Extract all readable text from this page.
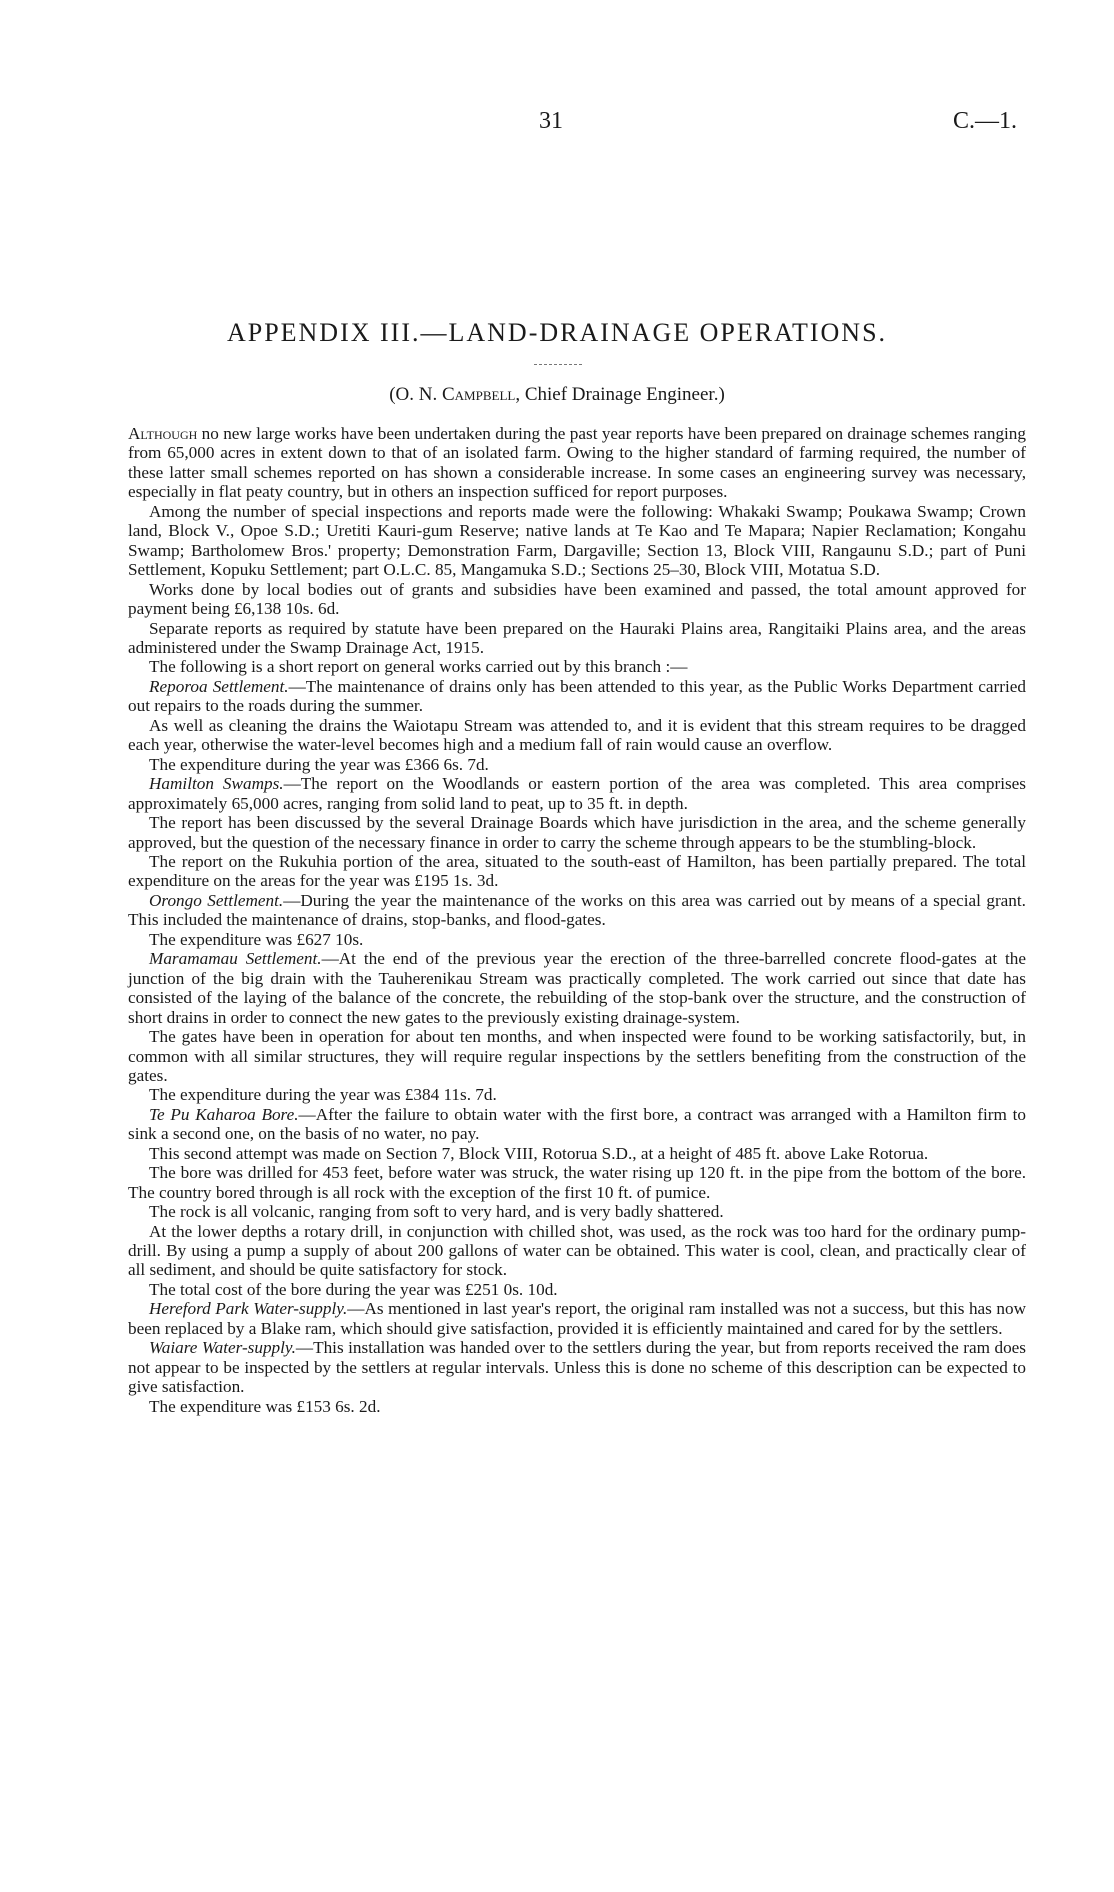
31	C.—1.
APPENDIX III.—LAND-DRAINAGE OPERATIONS.
(O. N. Campbell, Chief Drainage Engineer.)

Although no new large works have been undertaken during the past year reports have been prepared on drainage schemes ranging from 65,000 acres in extent down to that of an isolated farm. Owing to the higher standard of farming required, the number of these latter small schemes reported on has shown a considerable increase. In some cases an engineering survey was necessary, especially in flat peaty country, but in others an inspection sufficed for report purposes.

Among the number of special inspections and reports made were the following: Whakaki Swamp; Poukawa Swamp; Crown land, Block V., Opoe S.D.; Uretiti Kauri-gum Reserve; native lands at Te Kao and Te Mapara; Napier Reclamation; Kongahu Swamp; Bartholomew Bros.' property; Demonstration Farm, Dargaville; Section 13, Block VIII, Rangaunu S.D.; part of Puni Settlement, Kopuku Settlement; part O.L.C. 85, Mangamuka S.D.; Sections 25–30, Block VIII, Motatua S.D.

Works done by local bodies out of grants and subsidies have been examined and passed, the total amount approved for payment being £6,138 10s. 6d.

Separate reports as required by statute have been prepared on the Hauraki Plains area, Rangitaiki Plains area, and the areas administered under the Swamp Drainage Act, 1915.

The following is a short report on general works carried out by this branch :—

Reporoa Settlement.—The maintenance of drains only has been attended to this year, as the Public Works Department carried out repairs to the roads during the summer.

As well as cleaning the drains the Waiotapu Stream was attended to, and it is evident that this stream requires to be dragged each year, otherwise the water-level becomes high and a medium fall of rain would cause an overflow.

The expenditure during the year was £366 6s. 7d.

Hamilton Swamps.—The report on the Woodlands or eastern portion of the area was completed. This area comprises approximately 65,000 acres, ranging from solid land to peat, up to 35 ft. in depth.

The report has been discussed by the several Drainage Boards which have jurisdiction in the area, and the scheme generally approved, but the question of the necessary finance in order to carry the scheme through appears to be the stumbling-block.

The report on the Rukuhia portion of the area, situated to the south-east of Hamilton, has been partially prepared. The total expenditure on the areas for the year was £195 1s. 3d.

Orongo Settlement.—During the year the maintenance of the works on this area was carried out by means of a special grant. This included the maintenance of drains, stop-banks, and flood-gates.

The expenditure was £627 10s.

Maramamau Settlement.—At the end of the previous year the erection of the three-barrelled concrete flood-gates at the junction of the big drain with the Tauherenikau Stream was practically completed. The work carried out since that date has consisted of the laying of the balance of the concrete, the rebuilding of the stop-bank over the structure, and the construction of short drains in order to connect the new gates to the previously existing drainage-system.

The gates have been in operation for about ten months, and when inspected were found to be working satisfactorily, but, in common with all similar structures, they will require regular inspections by the settlers benefiting from the construction of the gates.

The expenditure during the year was £384 11s. 7d.

Te Pu Kaharoa Bore.—After the failure to obtain water with the first bore, a contract was arranged with a Hamilton firm to sink a second one, on the basis of no water, no pay.

This second attempt was made on Section 7, Block VIII, Rotorua S.D., at a height of 485 ft. above Lake Rotorua.

The bore was drilled for 453 feet, before water was struck, the water rising up 120 ft. in the pipe from the bottom of the bore. The country bored through is all rock with the exception of the first 10 ft. of pumice.

The rock is all volcanic, ranging from soft to very hard, and is very badly shattered.

At the lower depths a rotary drill, in conjunction with chilled shot, was used, as the rock was too hard for the ordinary pump-drill. By using a pump a supply of about 200 gallons of water can be obtained. This water is cool, clean, and practically clear of all sediment, and should be quite satisfactory for stock.

The total cost of the bore during the year was £251 0s. 10d.

Hereford Park Water-supply.—As mentioned in last year's report, the original ram installed was not a success, but this has now been replaced by a Blake ram, which should give satisfaction, provided it is efficiently maintained and cared for by the settlers.

Waiare Water-supply.—This installation was handed over to the settlers during the year, but from reports received the ram does not appear to be inspected by the settlers at regular intervals. Unless this is done no scheme of this description can be expected to give satisfaction.

The expenditure was £153 6s. 2d.
